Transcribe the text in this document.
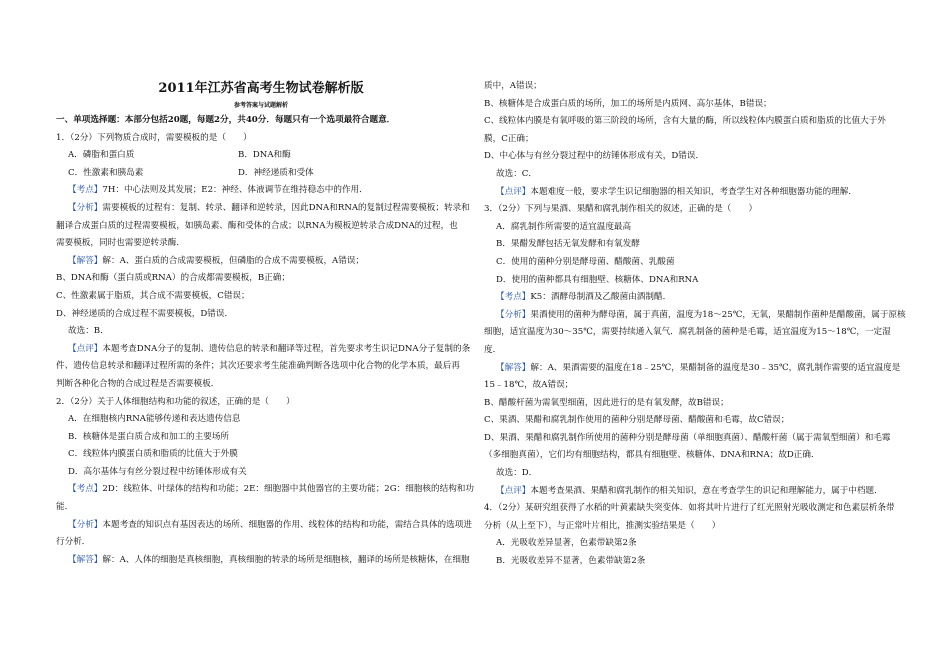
2011年江苏省高考生物试卷解析版
参考答案与试题解析
一、单项选择题：本部分包括20题，每题2分，共40分．每题只有一个选项最符合题意．
1．（2分）下列物质合成时，需要模板的是（　　）
A．磷脂和蛋白质	B．DNA和酶
C．性激素和胰岛素	D．神经递质和受体
【考点】7H：中心法则及其发展；E2：神经、体液调节在维持稳态中的作用．
【分析】需要模板的过程有：复制、转录、翻译和逆转录，因此DNA和RNA的复制过程需要模板；转录和
翻译合成蛋白质的过程需要模板，如胰岛素、酶和受体的合成；以RNA为模板逆转录合成DNA的过程，也
需要模板，同时也需要逆转录酶．
【解答】解：A、蛋白质的合成需要模板，但磷脂的合成不需要模板，A错误；
B、DNA和酶（蛋白质或RNA）的合成都需要模板，B正确；
C、性激素属于脂质，其合成不需要模板，C错误；
D、神经递质的合成过程不需要模板，D错误．
故选：B．
【点评】本题考查DNA分子的复制、遗传信息的转录和翻译等过程，首先要求考生识记DNA分子复制的条
件、遗传信息转录和翻译过程所需的条件；其次还要求考生能准确判断各选项中化合物的化学本质，最后再
判断各种化合物的合成过程是否需要模板．
2．（2分）关于人体细胞结构和功能的叙述，正确的是（　　）
A．在细胞核内RNA能够传递和表达遗传信息
B．核糖体是蛋白质合成和加工的主要场所
C．线粒体内膜蛋白质和脂质的比值大于外膜
D．高尔基体与有丝分裂过程中纺锤体形成有关
【考点】2D：线粒体、叶绿体的结构和功能；2E：细胞器中其他器官的主要功能；2G：细胞核的结构和功
能．
【分析】本题考查的知识点有基因表达的场所、细胞器的作用、线粒体的结构和功能，需结合具体的选项进
行分析．
【解答】解：A、人体的细胞是真核细胞，真核细胞的转录的场所是细胞核，翻译的场所是核糖体，在细胞
质中，A错误；
B、核糖体是合成蛋白质的场所，加工的场所是内质网、高尔基体，B错误；
C、线粒体内膜是有氧呼吸的第三阶段的场所，含有大量的酶，所以线粒体内膜蛋白质和脂质的比值大于外
膜，C正确；
D、中心体与有丝分裂过程中的纺锤体形成有关，D错误．
故选：C．
【点评】本题难度一般，要求学生识记细胞器的相关知识，考查学生对各种细胞器功能的理解．
3．（2分）下列与果酒、果醋和腐乳制作相关的叙述，正确的是（　　）
A．腐乳制作所需要的适宜温度最高
B．果醋发酵包括无氧发酵和有氧发酵
C．使用的菌种分别是酵母菌、醋酸菌、乳酸菌
D．使用的菌种都具有细胞壁、核糖体、DNA和RNA
【考点】K5：酒酵母制酒及乙酸菌由酒制醋．
【分析】果酒使用的菌种为酵母菌，属于真菌，温度为18～25℃，无氧，果醋制作菌种是醋酸菌，属于原核
细胞，适宜温度为30～35℃，需要持续通入氧气．腐乳制备的菌种是毛霉，适宜温度为15～18℃，一定湿
度．
【解答】解：A、果酒需要的温度在18﹣25℃，果醋制备的温度是30﹣35℃，腐乳制作需要的适宜温度是
15﹣18℃，故A错误；
B、醋酸杆菌为需氧型细菌，因此进行的是有氧发酵，故B错误；
C、果酒、果醋和腐乳制作使用的菌种分别是酵母菌、醋酸菌和毛霉，故C错误；
D、果酒、果醋和腐乳制作所使用的菌种分别是酵母菌（单细胞真菌）、醋酸杆菌（属于需氧型细菌）和毛霉
（多细胞真菌），它们均有细胞结构，都具有细胞壁、核糖体、DNA和RNA；故D正确．
故选：D．
【点评】本题考查果酒、果醋和腐乳制作的相关知识，意在考查学生的识记和理解能力，属于中档题．
4．（2分）某研究组获得了水稻的叶黄素缺失突变体．如将其叶片进行了红光照射光吸收测定和色素层析条带
分析（从上至下），与正常叶片相比，推测实验结果是（　　）
A．光吸收差异显著，色素带缺第2条
B．光吸收差异不显著，色素带缺第2条
